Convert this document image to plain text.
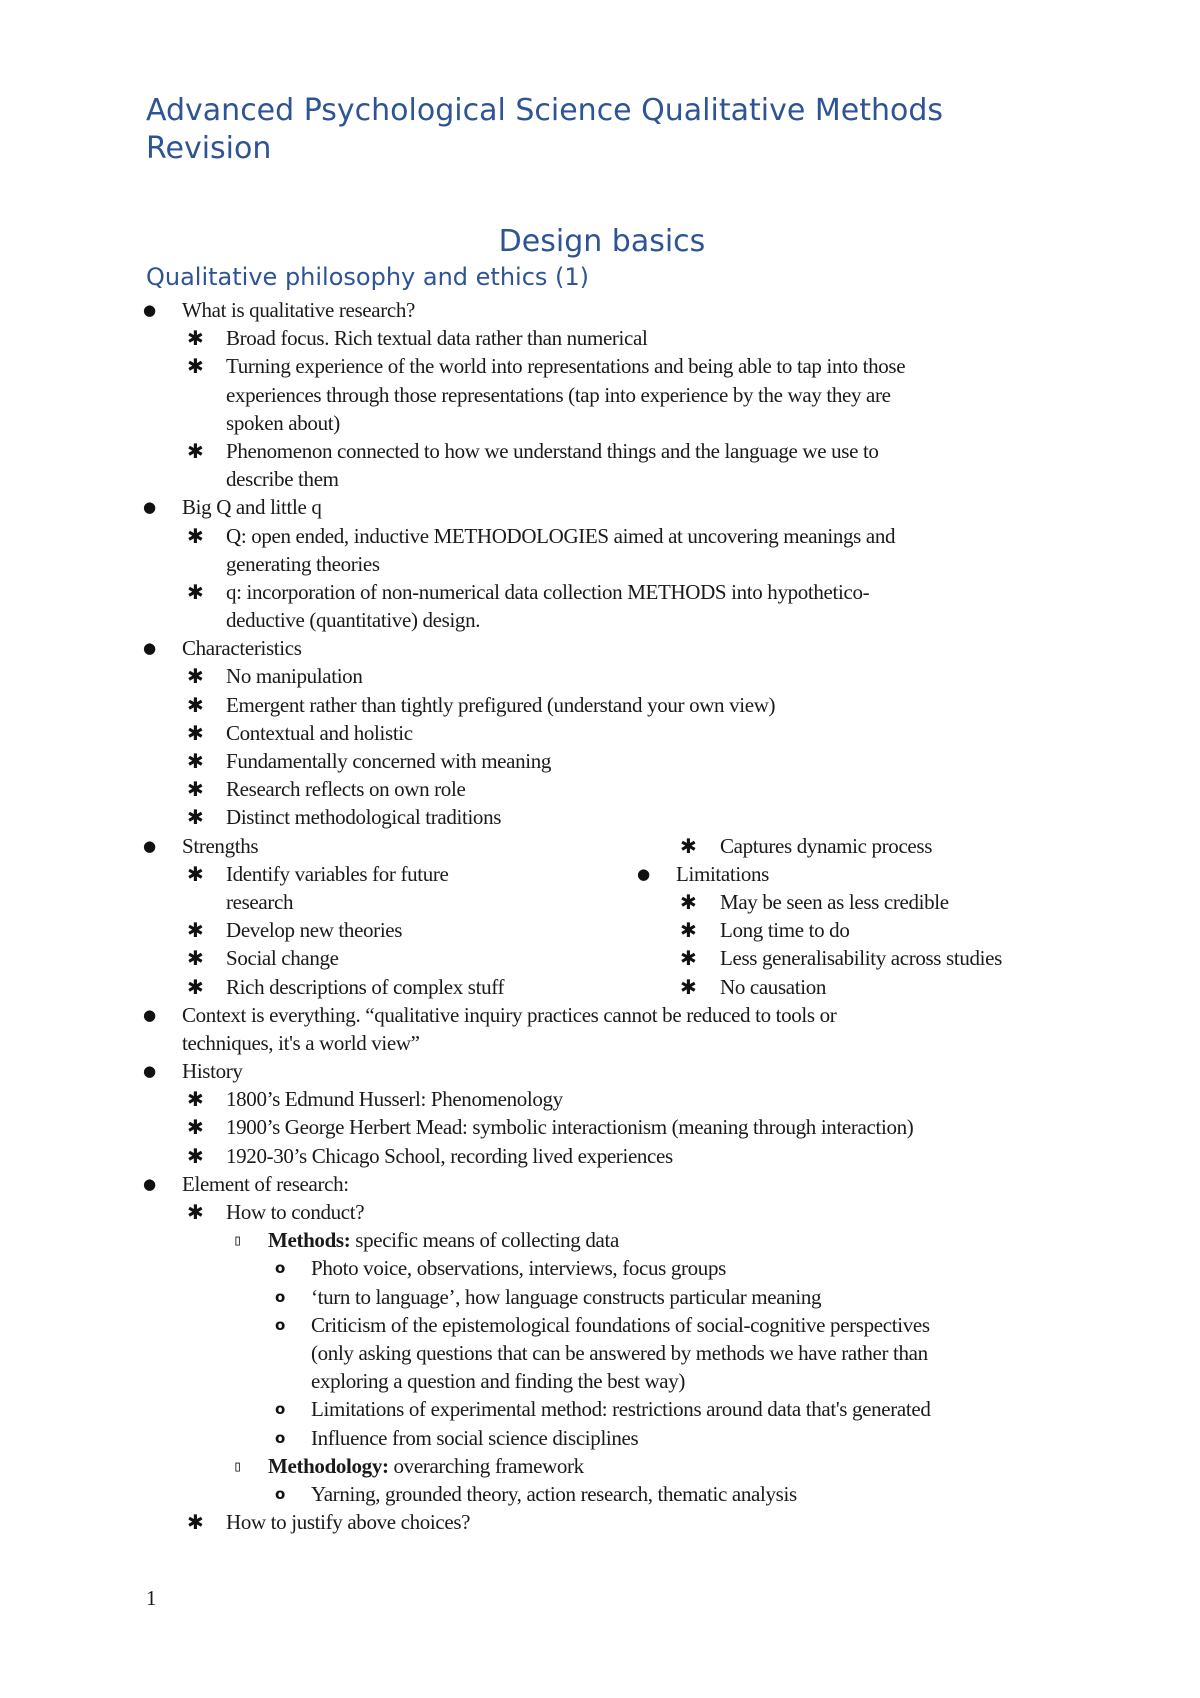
Advanced Psychological Science Qualitative Methods Revision
Design basics
Qualitative philosophy and ethics (1)
● What is qualitative research?
✱ Broad focus. Rich textual data rather than numerical
✱ Turning experience of the world into representations and being able to tap into those
experiences through those representations (tap into experience by the way they are
spoken about)
✱ Phenomenon connected to how we understand things and the language we use to
describe them
● Big Q and little q
✱ Q: open ended, inductive METHODOLOGIES aimed at uncovering meanings and
generating theories
✱ q: incorporation of non-numerical data collection METHODS into hypothetico-
deductive (quantitative) design.
● Characteristics
✱ No manipulation
✱ Emergent rather than tightly prefigured (understand your own view)
✱ Contextual and holistic
✱ Fundamentally concerned with meaning
✱ Research reflects on own role
✱ Distinct methodological traditions
● Strengths	✱ Captures dynamic process
✱ Identify variables for future	● Limitations
research	✱ May be seen as less credible
✱ Develop new theories	✱ Long time to do
✱ Social change	✱ Less generalisability across studies
✱ Rich descriptions of complex stuff	✱ No causation
● Context is everything. “qualitative inquiry practices cannot be reduced to tools or
techniques, it's a world view”
● History
✱ 1800’s Edmund Husserl: Phenomenology
✱ 1900’s George Herbert Mead: symbolic interactionism (meaning through interaction)
✱ 1920-30’s Chicago School, recording lived experiences
● Element of research:
✱ How to conduct?
▯ Methods: specific means of collecting data
o Photo voice, observations, interviews, focus groups
o ‘turn to language’, how language constructs particular meaning
o Criticism of the epistemological foundations of social-cognitive perspectives
(only asking questions that can be answered by methods we have rather than
exploring a question and finding the best way)
o Limitations of experimental method: restrictions around data that's generated
o Influence from social science disciplines
▯ Methodology: overarching framework
o Yarning, grounded theory, action research, thematic analysis
✱ How to justify above choices?
1
